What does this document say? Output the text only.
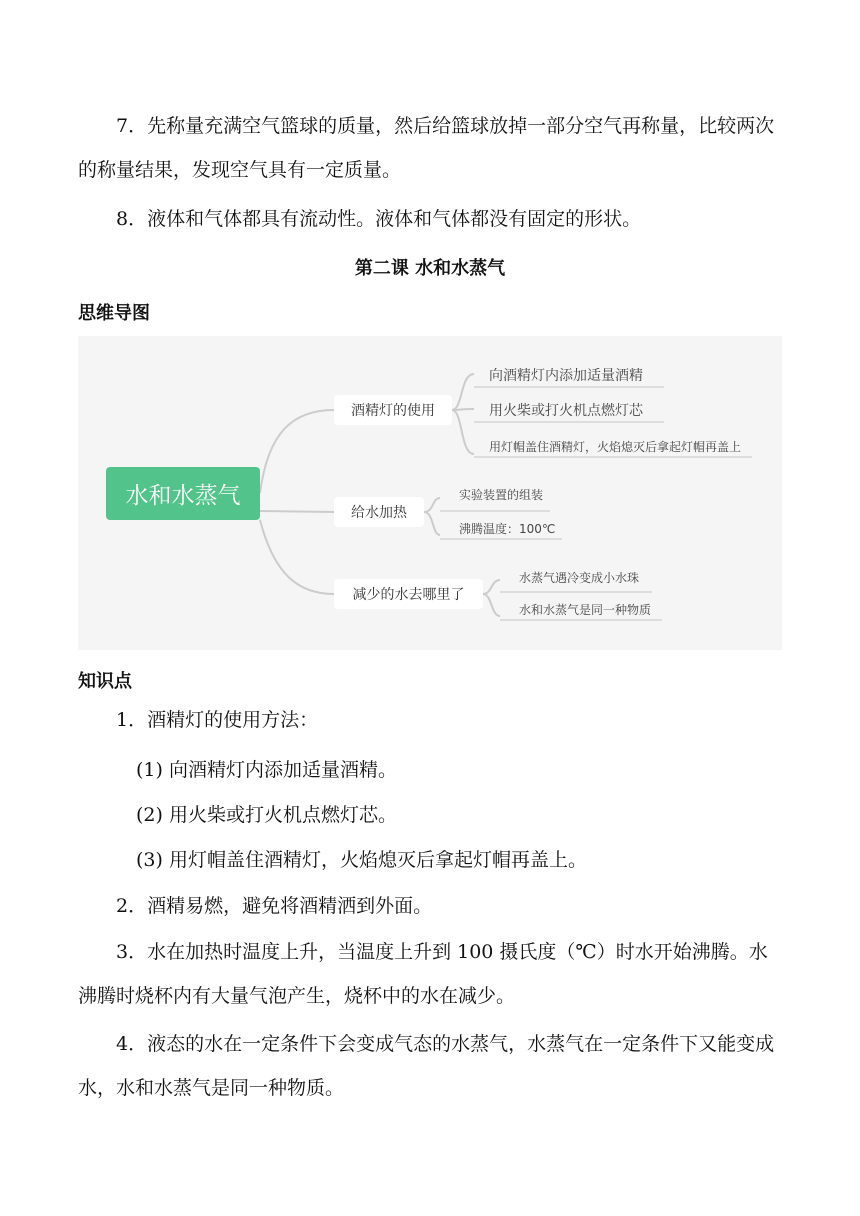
7．先称量充满空气篮球的质量，然后给篮球放掉一部分空气再称量，比较两次的称量结果，发现空气具有一定质量。

8．液体和气体都具有流动性。液体和气体都没有固定的形状。

第二课 水和水蒸气

思维导图

水和水蒸气
酒精灯的使用
给水加热
减少的水去哪里了
向酒精灯内添加适量酒精
用火柴或打火机点燃灯芯
用灯帽盖住酒精灯，火焰熄灭后拿起灯帽再盖上
实验装置的组装
沸腾温度：100℃
水蒸气遇冷变成小水珠
水和水蒸气是同一种物质

知识点

1．酒精灯的使用方法：

(1) 向酒精灯内添加适量酒精。

(2) 用火柴或打火机点燃灯芯。

(3) 用灯帽盖住酒精灯，火焰熄灭后拿起灯帽再盖上。

2．酒精易燃，避免将酒精洒到外面。

3．水在加热时温度上升，当温度上升到 100 摄氏度（℃）时水开始沸腾。水沸腾时烧杯内有大量气泡产生，烧杯中的水在减少。

4．液态的水在一定条件下会变成气态的水蒸气，水蒸气在一定条件下又能变成水，水和水蒸气是同一种物质。
